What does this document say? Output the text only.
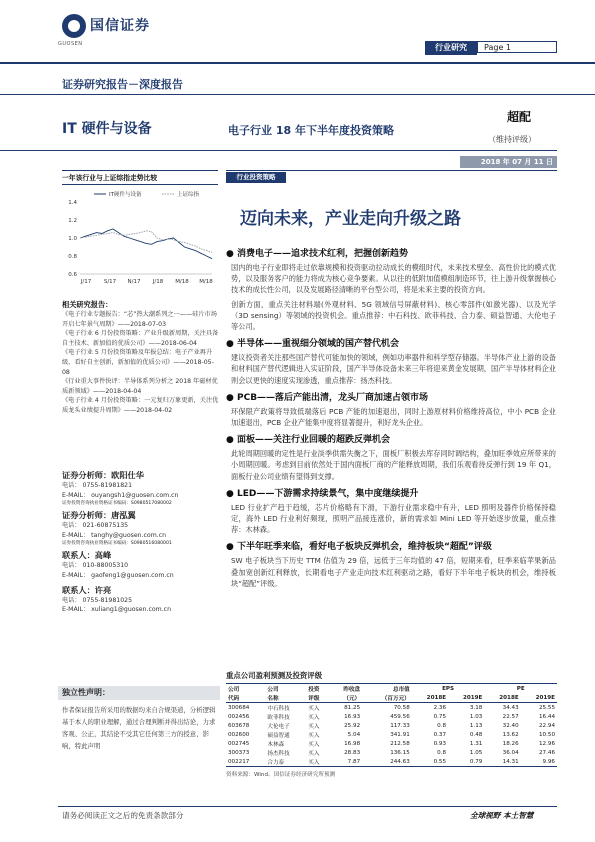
国信证券
GUOSEN	行业研究	Page 1
证券研究报告－深度报告
IT 硬件与设备	电子行业 18 年下半年度投资策略
超配
（维持评级）
2018 年 07 月 11 日
一年该行业与上证综指走势比较
IT硬件与设备	上证综指
0.6
0.8
1.0
1.2
1.4
J/17 S/17 N/17 J/18 M/18 M/18
相关研究报告：
《电子行业专题报告：“芯”热大潮系列之一——硅片市场开启七年景气周期》——2018-07-03
《电子行业 6 月份投资策略：产业升级新周期，关注具备自主技术、新加值的优质公司》——2018-06-04
《电子行业 5 月份投资策略及年报总结：电子产业再升级，看好自主创新，新加值的优质公司》——2018-05-08
《行业重大事件快评：半导体系列分析之 2018 年磁材优质新领域》——2018-04-04
《电子行业 4 月份投资策略：一元复归万象更新，关注优质龙头业绩提升周期》——2018-04-02
证券分析师：欧阳仕华
电话： 0755-81981821
E-MAIL： ouyangsh1@guosen.com.cn
证券投资咨询执业资格证书编码：S0980517080002
证券分析师：唐泓翼
电话： 021-60875135
E-MAIL： tanghy@guosen.com.cn
证券投资咨询执业资格证书编码：S0980516080001
联系人：高峰
电话： 010-88005310
E-MAIL： gaofeng1@guosen.com.cn
联系人：许亮
电话： 0755-81981025
E-MAIL： xuliang1@guosen.com.cn
独立性声明：
作者保证报告所采用的数据均来自合规渠道，分析逻辑基于本人的职业理解，通过合理判断并得出结论，力求客观、公正，其结论不受其它任何第三方的授意、影响，特此声明
行业投资策略
迈向未来，产业走向升级之路
● 消费电子——追求技术红利，把握创新趋势
国内的电子行业即将走过依靠规模和投资驱动拉动成长的模组时代，未来技术壁垒、高性价比的模式优势，以及服务客户的能力将成为核心竞争要素。从以往的低附加值模组制造环节，往上游升级掌握核心技术的成长性公司，以及发展路径清晰的平台型公司，将是未来主要的投资方向。
创新方面，重点关注材料端(外观材料、5G 领域信号屏蔽材料)、核心零部件(如激光器)、以及光学（3D sensing）等领域的投资机会。重点推荐：中石科技、欧菲科技、合力泰、硕益智通、大伦电子等公司。
● 半导体——重视细分领域的国产替代机会
建议投资者关注那些国产替代可能加快的领域，例如功率器件和科学型存储器。半导体产业上游的设备和材料国产替代逻辑进入实证阶段，国产半导体设备未来三年将迎来黄金发展期，国产半导体材料企业则会以更快的速度实现渗透，重点推荐：扬杰科技。
● PCB——落后产能出清，龙头厂商加速占领市场
环保限产政策将导致低端落后 PCB 产能的加速退出，同时上游原材料价格维持高位，中小 PCB 企业加速退出，PCB 企业产能集中度将显著提升，利好龙头企业。
● 面板——关注行业回暖的超跌反弹机会
此轮周期回暖的定性是行业淡季供需失衡之下，面板厂积极去库存同时调结构，叠加旺季效应所带来的小周期回暖。考虑到目前依然处于国内面板厂商的产能释放周期，我们乐观看待反弹行到 19 年 Q1，面板行业公司业绩有望得到支撑。
● LED——下游需求持续景气，集中度继续提升
LED 行业扩产趋于趋缓，芯片价格略有下滑，下游行业需求稳中有升，LED 照明及器件价格保持稳定，海外 LED 行业利好频现，照明产品接连涨价，新的需求如 Mini LED 等开始逐步放量，重点推荐：木林森。
● 下半年旺季来临，看好电子板块反弹机会，维持板块“超配”评级
SW 电子板块当下历史 TTM 估值为 29 倍，远低于三年均值的 47 倍，短期来看，旺季来临苹果新品叠加宽创新红利释放，长期看电子产业走向技术红利驱动之路，看好下半年电子板块的机会，维持板块“超配”评级。
重点公司盈利预测及投资评级
公司	公司	投资	昨收盘	总市值	EPS		PE	
代码	名称	评级	（元）	（百万元）	2018E	2019E	2018E	2019E
300684	中石科技	买入	81.25	70.58	2.36	3.18	34.43	25.55
002456	欧菲科技	买入	16.93	459.56	0.75	1.03	22.57	16.44
603678	大伦电子	买入	25.92	117.33	0.8	1.13	32.40	22.94
002600	硕益智通	买入	5.04	341.91	0.37	0.48	13.62	10.50
002745	木林森	买入	16.98	212.58	0.93	1.31	18.26	12.96
300373	扬杰科技	买入	28.83	136.15	0.8	1.05	36.04	27.46
002217	合力泰	买入	7.87	244.63	0.55	0.79	14.31	9.96
资料来源：Wind、国信证券经济研究所预测
请务必阅读正文之后的免责条款部分	全球视野 本土智慧
